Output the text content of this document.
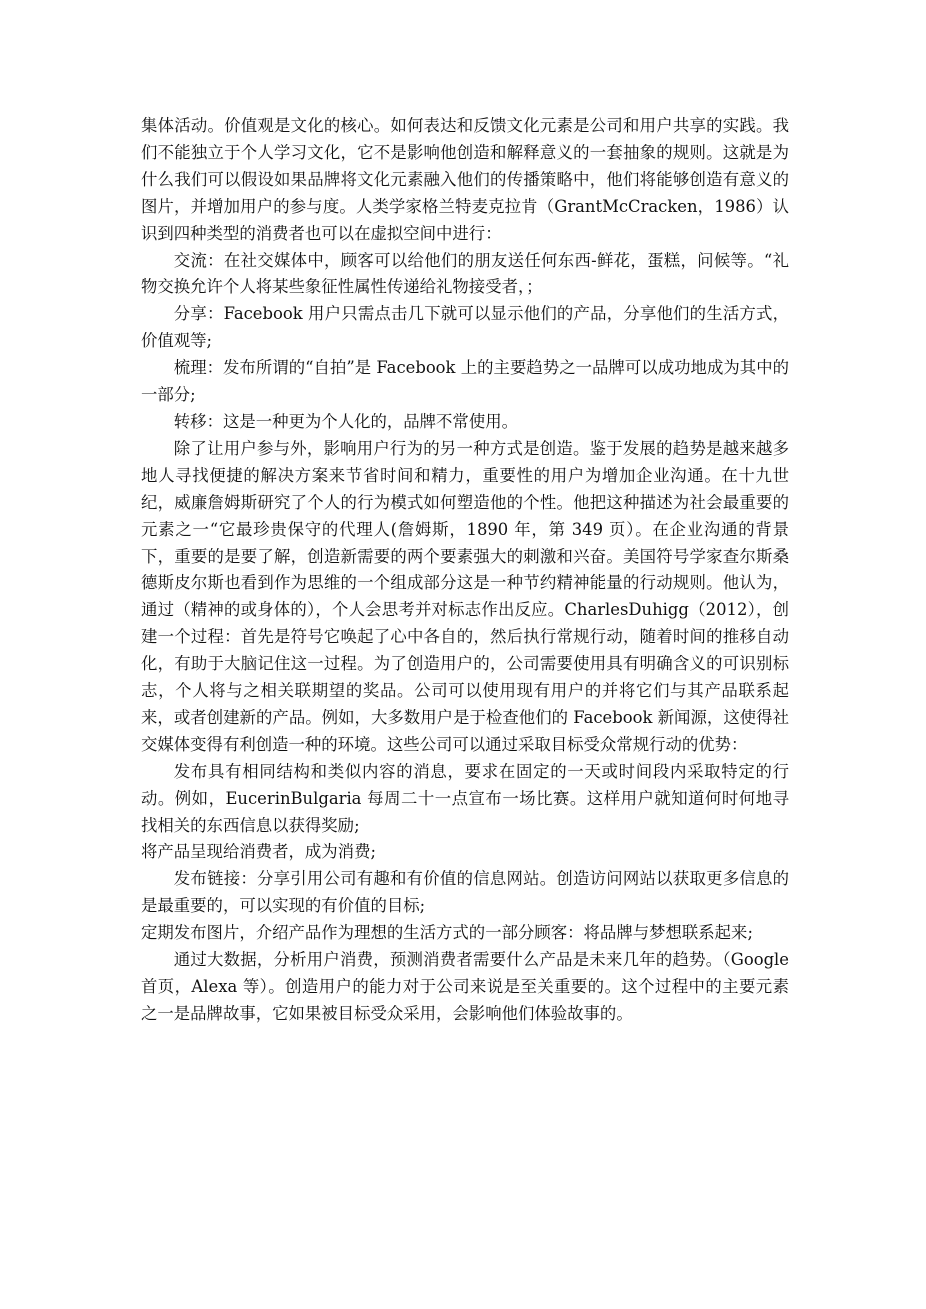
集体活动。价值观是文化的核心。如何表达和反馈文化元素是公司和用户共享的实践。我们不能独立于个人学习文化，它不是影响他创造和解释意义的一套抽象的规则。这就是为什么我们可以假设如果品牌将文化元素融入他们的传播策略中，他们将能够创造有意义的图片，并增加用户的参与度。人类学家格兰特麦克拉肯（GrantMcCracken，1986）认识到四种类型的消费者也可以在虚拟空间中进行：

交流：在社交媒体中，顾客可以给他们的朋友送任何东西-鲜花，蛋糕，问候等。“礼物交换允许个人将某些象征性属性传递给礼物接受者，；

分享：Facebook 用户只需点击几下就可以显示他们的产品，分享他们的生活方式，价值观等;

梳理：发布所谓的“自拍”是 Facebook 上的主要趋势之一品牌可以成功地成为其中的一部分;

转移：这是一种更为个人化的，品牌不常使用。

除了让用户参与外，影响用户行为的另一种方式是创造。鉴于发展的趋势是越来越多地人寻找便捷的解决方案来节省时间和精力，重要性的用户为增加企业沟通。在十九世纪，威廉詹姆斯研究了个人的行为模式如何塑造他的个性。他把这种描述为社会最重要的元素之一“它最珍贵保守的代理人(詹姆斯，1890 年，第 349 页）。在企业沟通的背景下，重要的是要了解，创造新需要的两个要素强大的刺激和兴奋。美国符号学家查尔斯桑德斯皮尔斯也看到作为思维的一个组成部分这是一种节约精神能量的行动规则。他认为，通过（精神的或身体的），个人会思考并对标志作出反应。CharlesDuhigg（2012），创建一个过程：首先是符号它唤起了心中各自的，然后执行常规行动，随着时间的推移自动化，有助于大脑记住这一过程。为了创造用户的，公司需要使用具有明确含义的可识别标志，个人将与之相关联期望的奖品。公司可以使用现有用户的并将它们与其产品联系起来，或者创建新的产品。例如，大多数用户是于检查他们的 Facebook 新闻源，这使得社交媒体变得有利创造一种的环境。这些公司可以通过采取目标受众常规行动的优势：

发布具有相同结构和类似内容的消息，要求在固定的一天或时间段内采取特定的行动。例如，EucerinBulgaria 每周二十一点宣布一场比赛。这样用户就知道何时何地寻找相关的东西信息以获得奖励;

将产品呈现给消费者，成为消费;

发布链接：分享引用公司有趣和有价值的信息网站。创造访问网站以获取更多信息的是最重要的，可以实现的有价值的目标;

定期发布图片，介绍产品作为理想的生活方式的一部分顾客：将品牌与梦想联系起来;

通过大数据，分析用户消费，预测消费者需要什么产品是未来几年的趋势。（Google 首页，Alexa 等）。创造用户的能力对于公司来说是至关重要的。这个过程中的主要元素之一是品牌故事，它如果被目标受众采用，会影响他们体验故事的。
